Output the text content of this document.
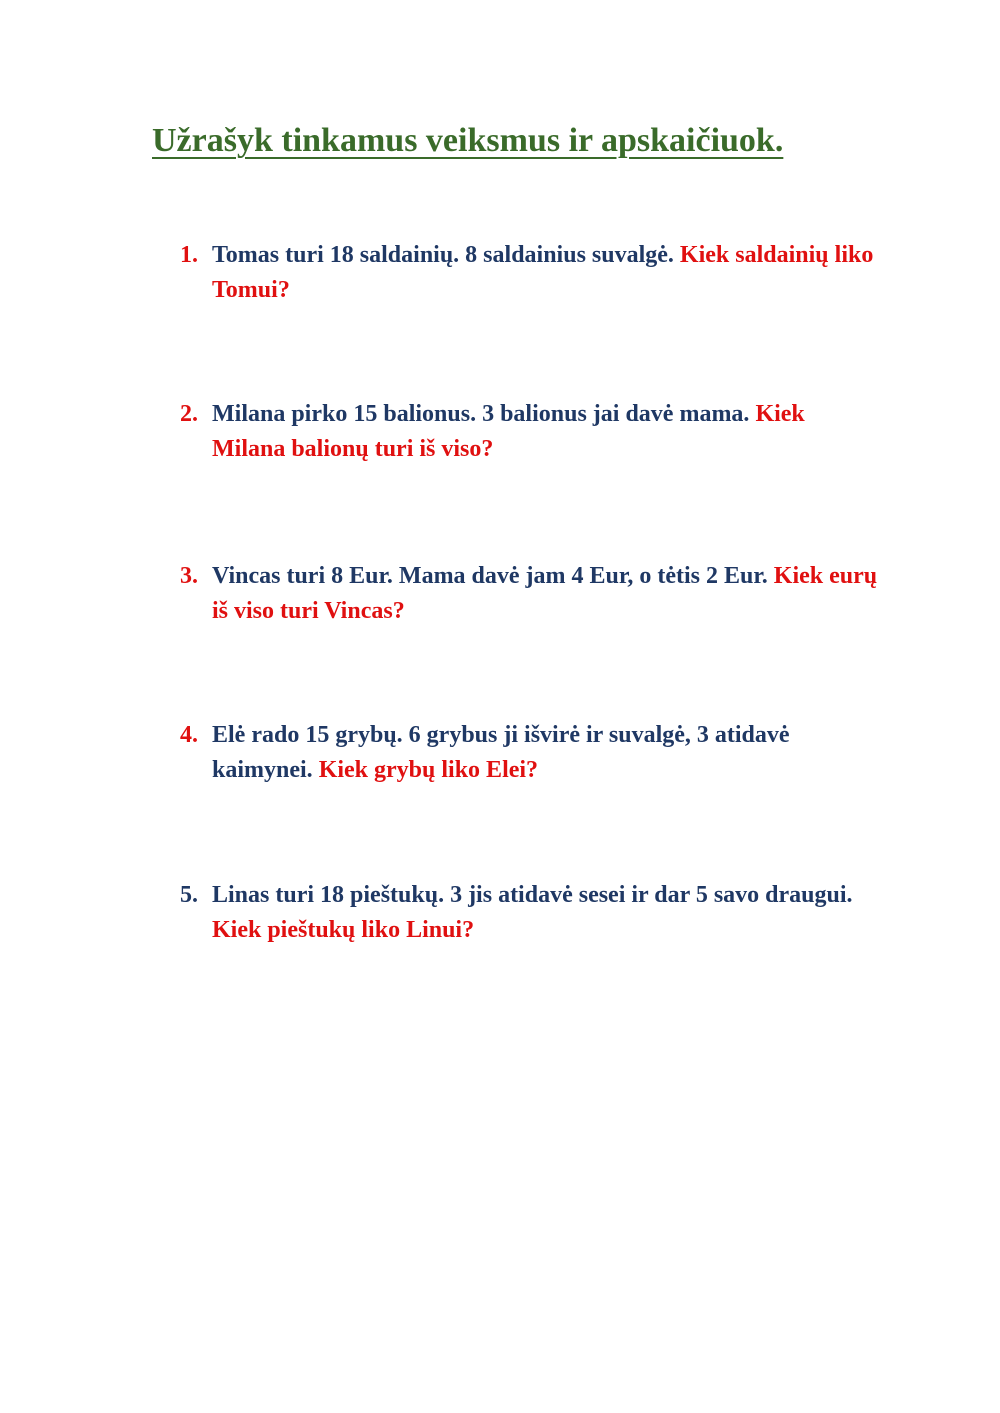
Užrašyk tinkamus veiksmus ir apskaičiuok.
1. Tomas turi 18 saldainių. 8 saldainius suvalgė. Kiek saldainių liko Tomui?
2. Milana pirko 15 balionus. 3 balionus jai davė mama. Kiek Milana balionų turi iš viso?
3. Vincas turi 8 Eur. Mama davė jam 4 Eur, o tėtis 2 Eur. Kiek eurų iš viso turi Vincas?
4. Elė rado 15 grybų. 6 grybus ji išvirė ir suvalgė, 3 atidavė kaimynei. Kiek grybų liko Elei?
5. Linas turi 18 pieštukų. 3 jis atidavė sesei ir dar 5 savo draugui. Kiek pieštukų liko Linui?
